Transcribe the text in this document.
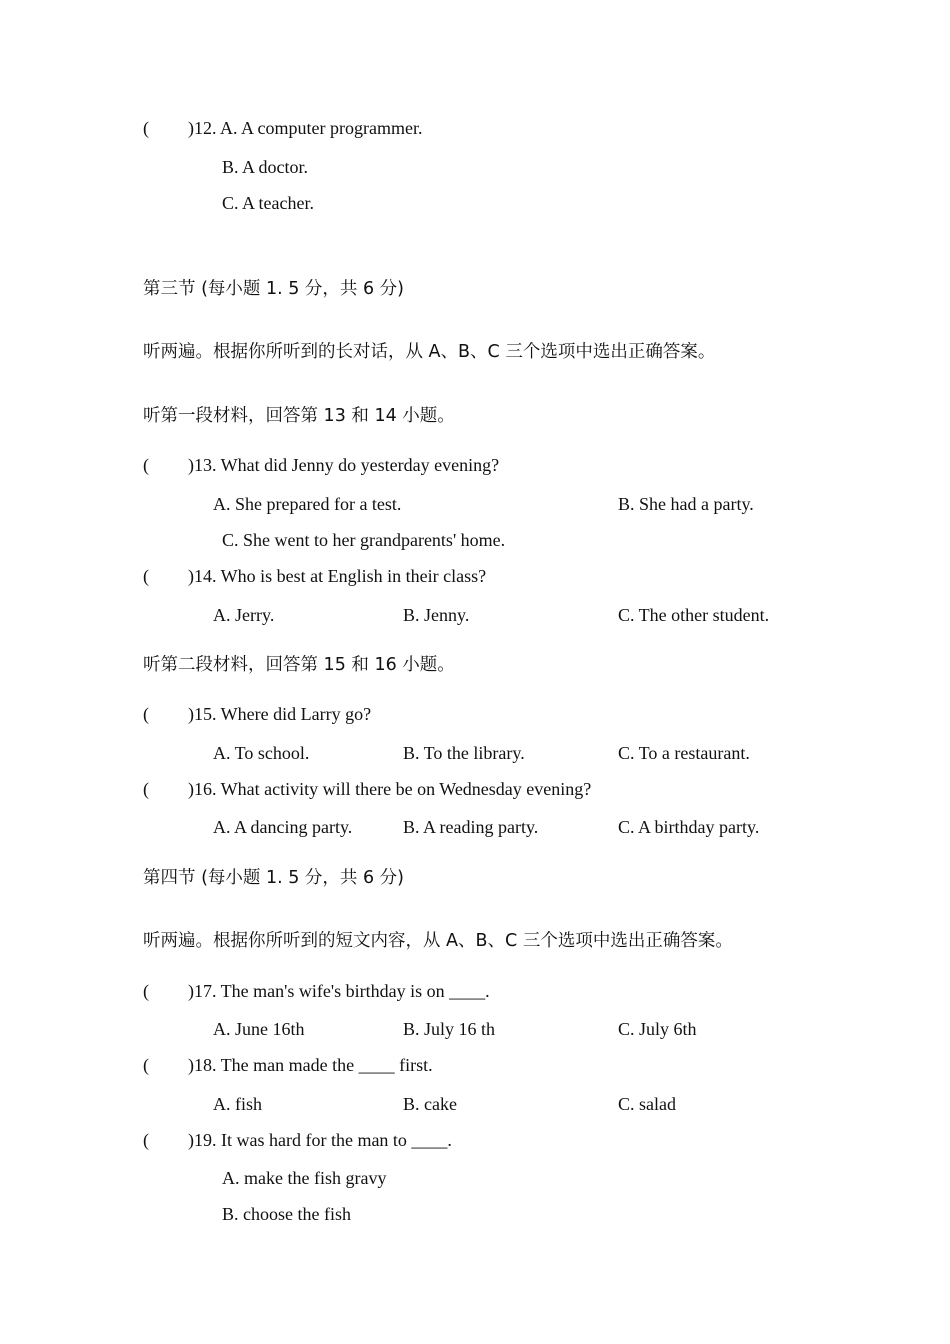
( )12. A. A computer programmer.
B. A doctor.
C. A teacher.
第三节 (每小题 1. 5 分，共 6 分)
听两遍。根据你所听到的长对话，从 A、B、C 三个选项中选出正确答案。
听第一段材料，回答第 13 和 14 小题。
( )13. What did Jenny do yesterday evening?
A. She prepared for a test.	B. She had a party.
C. She went to her grandparents' home.
( )14. Who is best at English in their class?
A. Jerry.	B. Jenny.	C. The other student.
听第二段材料，回答第 15 和 16 小题。
( )15. Where did Larry go?
A. To school.	B. To the library.	C. To a restaurant.
( )16. What activity will there be on Wednesday evening?
A. A dancing party.	B. A reading party.	C. A birthday party.
第四节 (每小题 1. 5 分，共 6 分)
听两遍。根据你所听到的短文内容，从 A、B、C 三个选项中选出正确答案。
( )17. The man's wife's birthday is on ____.
A. June 16th	B. July 16 th	C. July 6th
( )18. The man made the ____ first.
A. fish	B. cake	C. salad
( )19. It was hard for the man to ____.
A. make the fish gravy
B. choose the fish
